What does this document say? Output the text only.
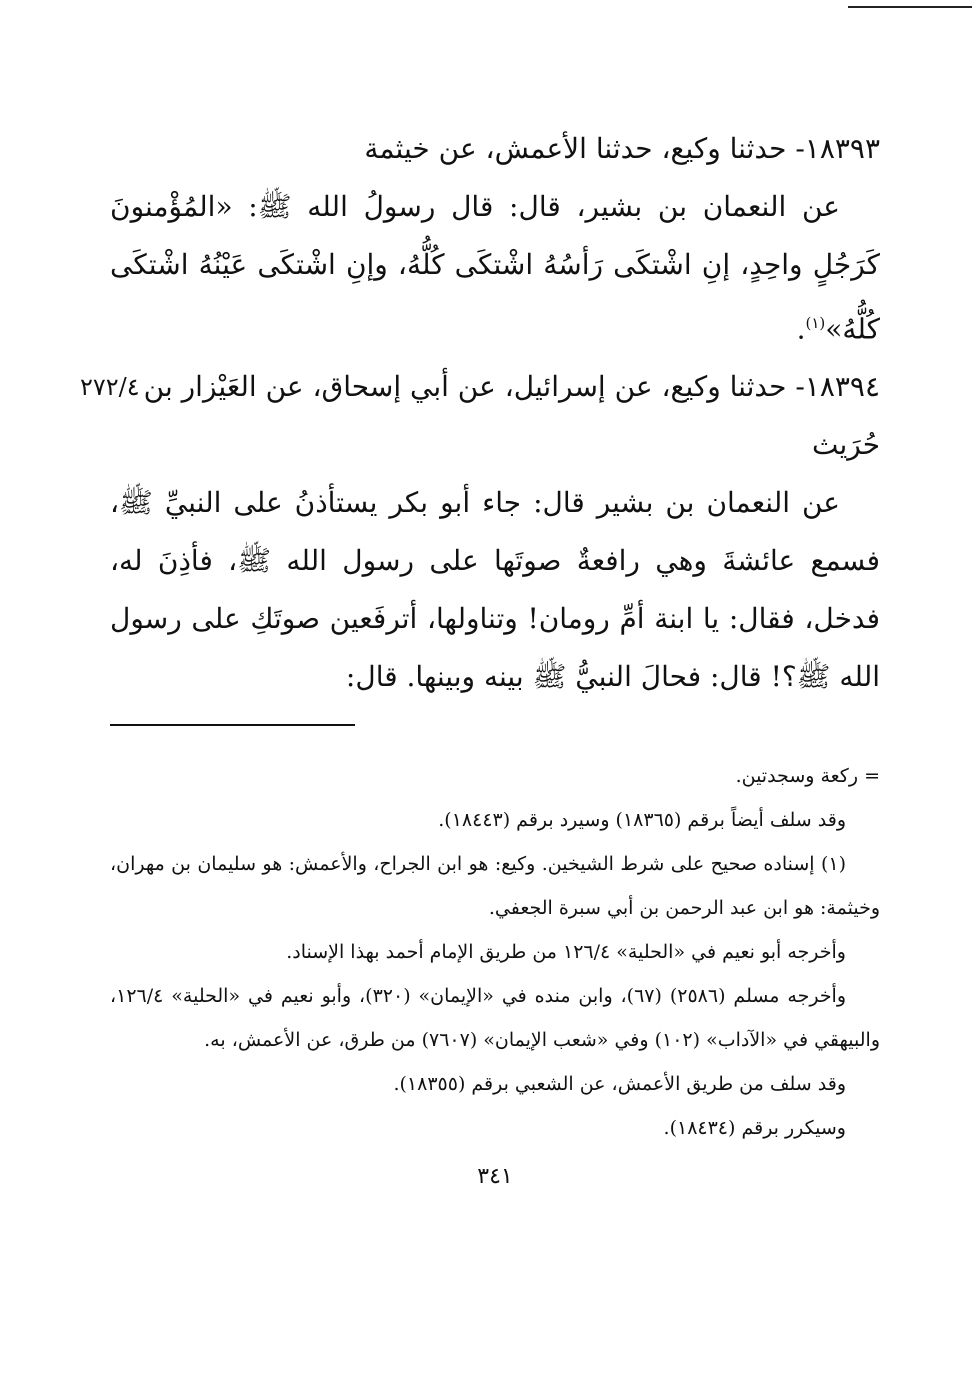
١٨٣٩٣- حدثنا وكيع، حدثنا الأعمش، عن خيثمة

عن النعمان بن بشير، قال: قال رسولُ الله ﷺ: «المُؤْمنونَ كَرَجُلٍ واحِدٍ، إنِ اشْتكَى رَأسُهُ اشْتكَى كُلُّهُ، وإنِ اشْتكَى عَيْنُهُ اشْتكَى كُلُّهُ»$^{(١)}$.

٢٧٢/٤ ١٨٣٩٤- حدثنا وكيع، عن إسرائيل، عن أبي إسحاق، عن العَيْزار بن حُرَيث

عن النعمان بن بشير قال: جاء أبو بكر يستأذنُ على النبيِّ ﷺ، فسمع عائشةَ وهي رافعةٌ صوتَها على رسول الله ﷺ، فأذِنَ له، فدخل، فقال: يا ابنة أمِّ رومان! وتناولها، أترفَعين صوتَكِ على رسول الله ﷺ؟! قال: فحالَ النبيُّ ﷺ بينه وبينها. قال:

= ركعة وسجدتين.

وقد سلف أيضاً برقم (١٨٣٦٥) وسيرد برقم (١٨٤٤٣).

(١) إسناده صحيح على شرط الشيخين. وكيع: هو ابن الجراح، والأعمش: هو سليمان بن مهران، وخيثمة: هو ابن عبد الرحمن بن أبي سبرة الجعفي.

وأخرجه أبو نعيم في «الحلية» ١٢٦/٤ من طريق الإمام أحمد بهذا الإسناد.

وأخرجه مسلم (٢٥٨٦) (٦٧)، وابن منده في «الإيمان» (٣٢٠)، وأبو نعيم في «الحلية» ١٢٦/٤، والبيهقي في «الآداب» (١٠٢) وفي «شعب الإيمان» (٧٦٠٧) من طرق، عن الأعمش، به.

وقد سلف من طريق الأعمش، عن الشعبي برقم (١٨٣٥٥).

وسيكرر برقم (١٨٤٣٤).

٣٤١
